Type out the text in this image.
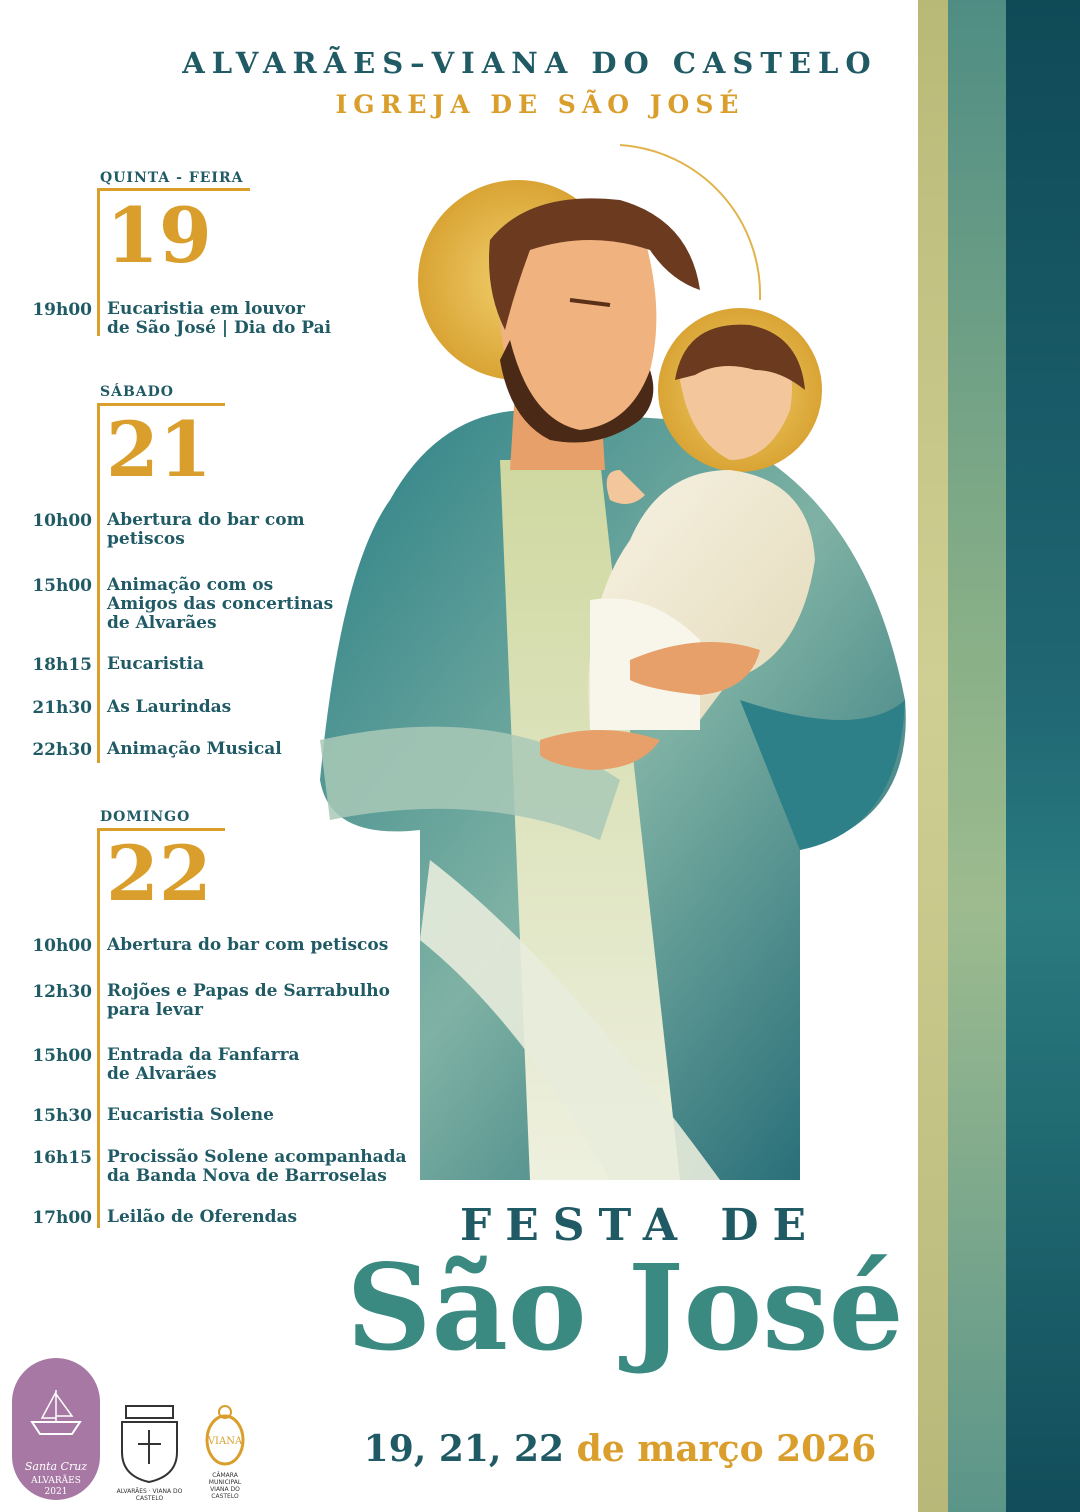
ALVARÃES–VIANA DO CASTELO
IGREJA DE SÃO JOSÉ
QUINTA - FEIRA
19
19h00 Eucaristia em louvor
de São José | Dia do Pai
SÁBADO
21
10h00 Abertura do bar com
petiscos
15h00 Animação com os
Amigos das concertinas
de Alvarães
18h15 Eucaristia
21h30 As Laurindas
22h30 Animação Musical
DOMINGO
22
10h00 Abertura do bar com petiscos
12h30 Rojões e Papas de Sarrabulho
para levar
15h00 Entrada da Fanfarra
de Alvarães
15h30 Eucaristia Solene
16h15 Procissão Solene acompanhada
da Banda Nova de Barroselas
17h00 Leilão de Oferendas	FESTA DE
São José
19, 21, 22 de março 2026
Santa Cruz
ALVARÃES
2021	ALVARÃES · VIANA DO CASTELO
VIANA
CÂMARA MUNICIPAL
VIANA DO CASTELO
